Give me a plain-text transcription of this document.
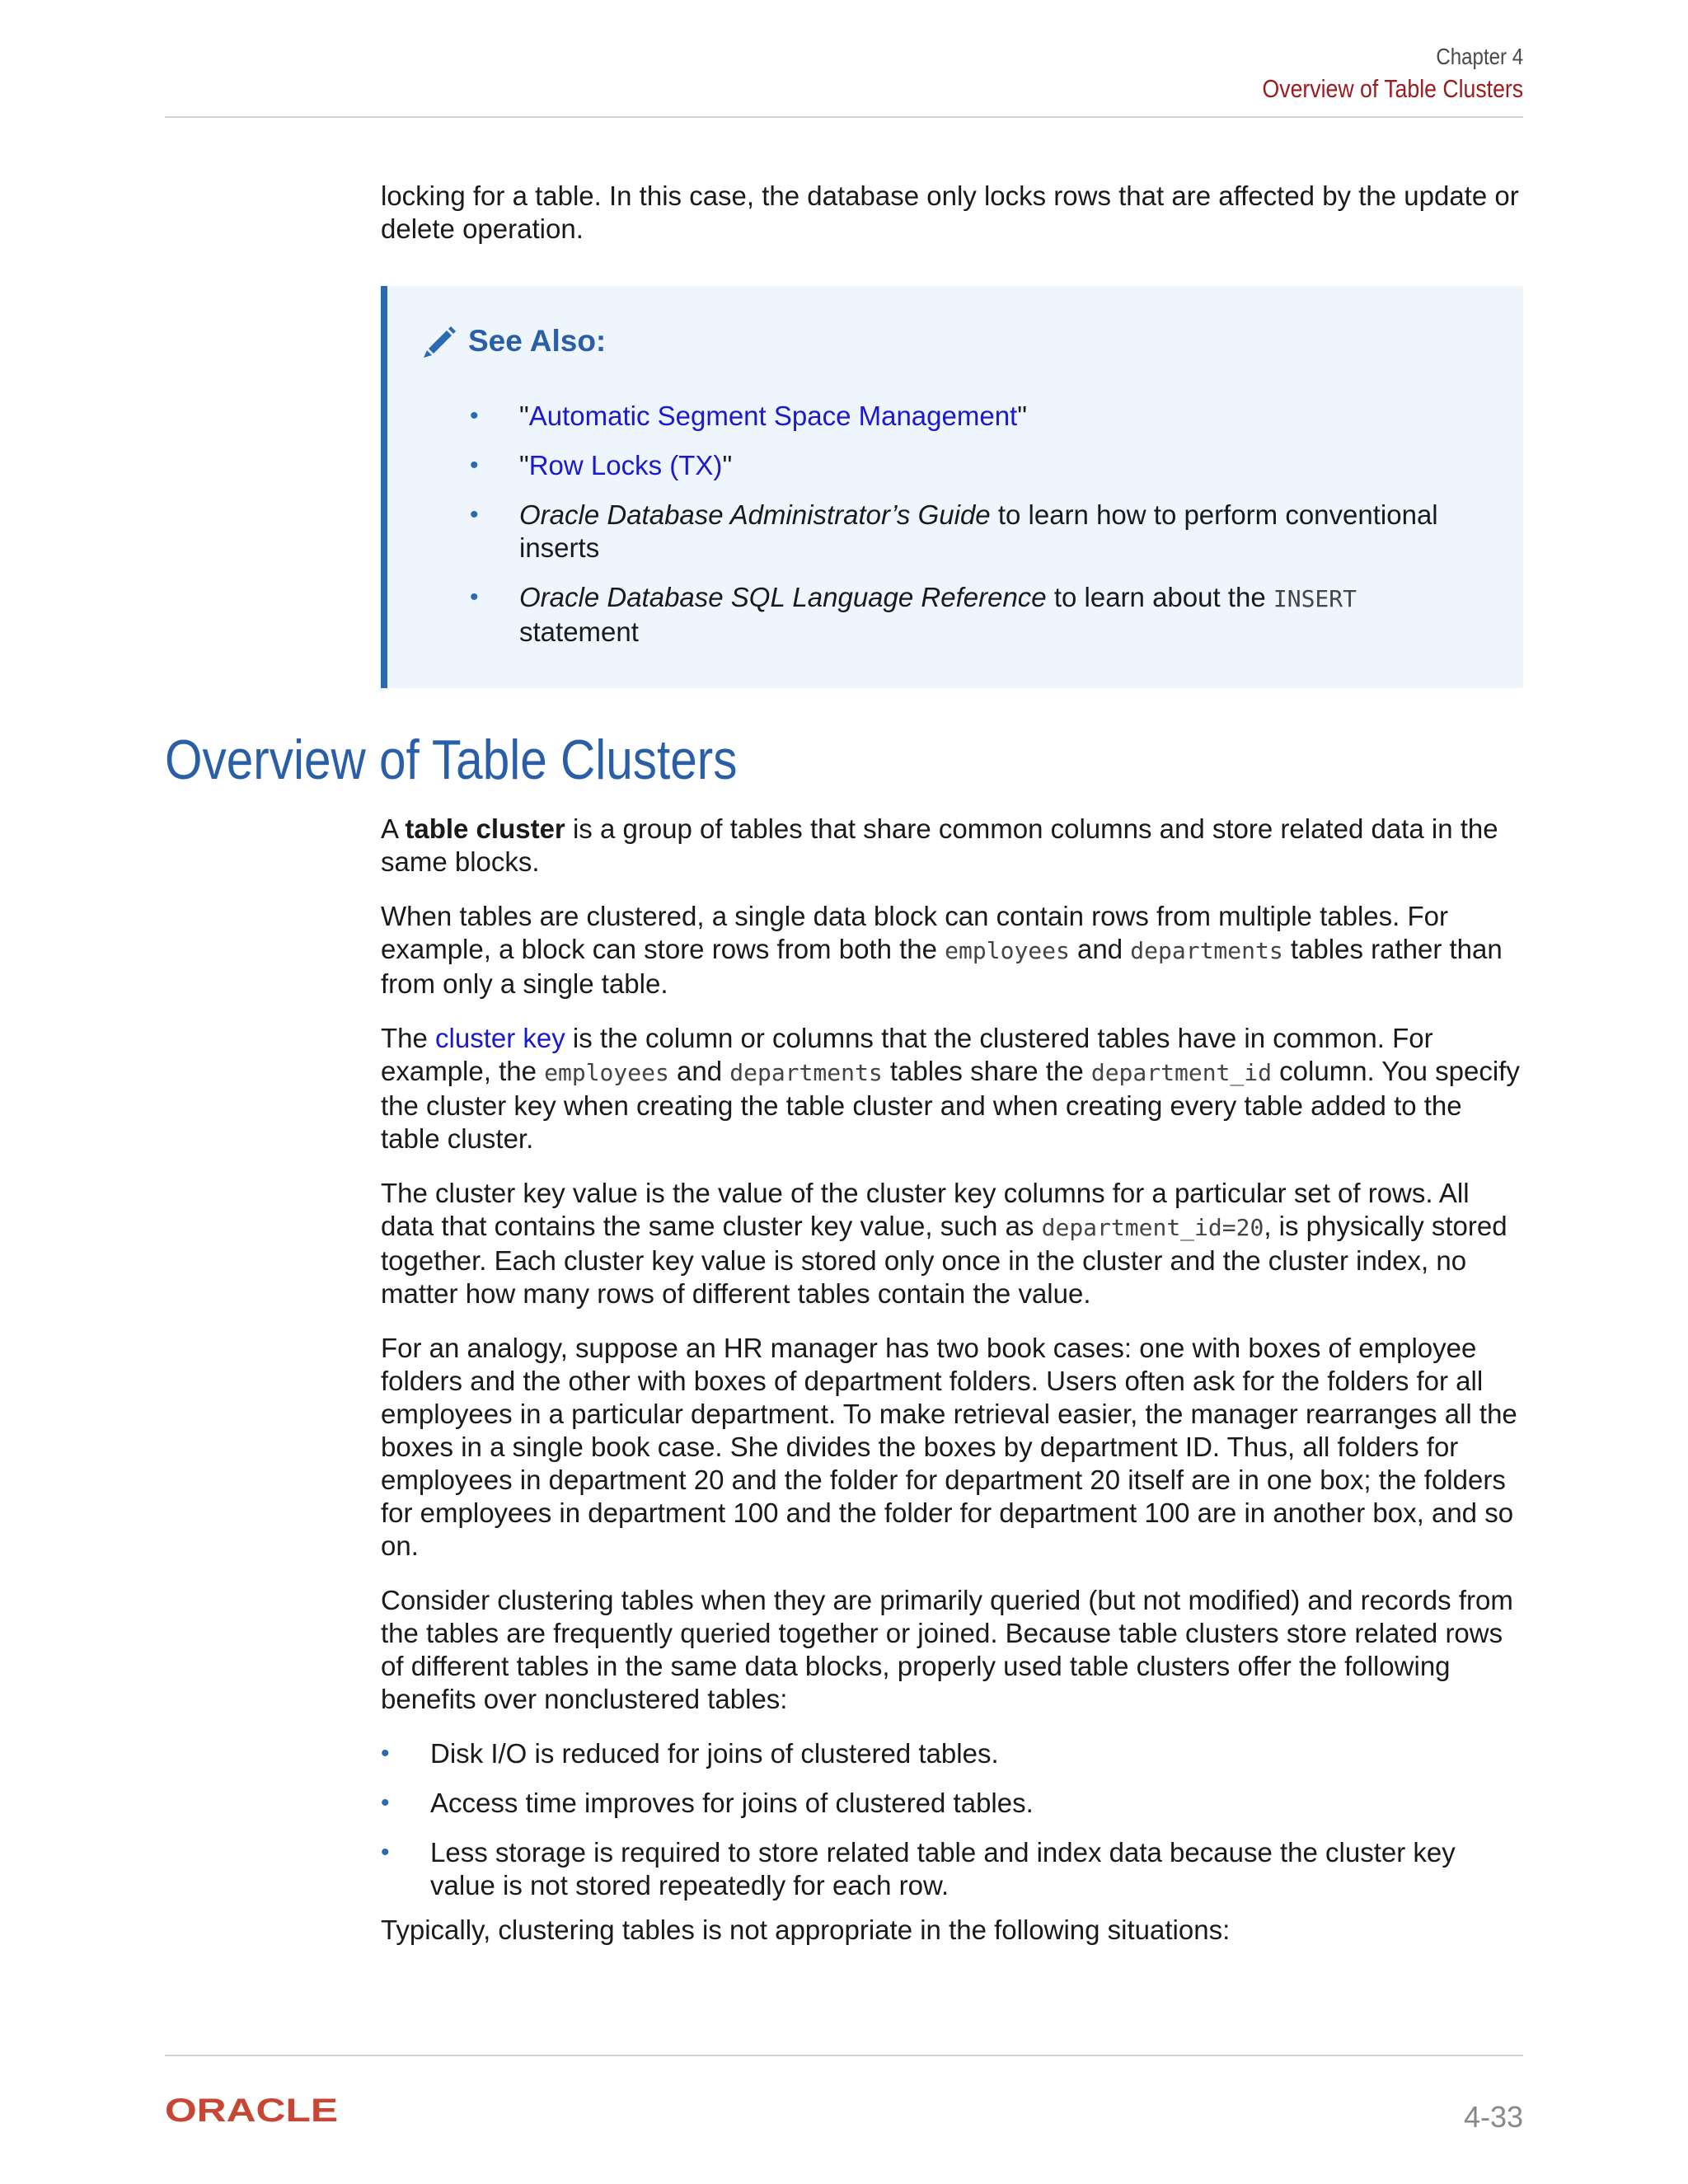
Chapter 4
Overview of Table Clusters

locking for a table. In this case, the database only locks rows that are affected by the update or delete operation.

See Also:
• "Automatic Segment Space Management"
• "Row Locks (TX)"
• Oracle Database Administrator’s Guide to learn how to perform conventional inserts
• Oracle Database SQL Language Reference to learn about the INSERT statement
Overview of Table Clusters

A table cluster is a group of tables that share common columns and store related data in the same blocks.

When tables are clustered, a single data block can contain rows from multiple tables. For example, a block can store rows from both the employees and departments tables rather than from only a single table.

The cluster key is the column or columns that the clustered tables have in common. For example, the employees and departments tables share the department_id column. You specify the cluster key when creating the table cluster and when creating every table added to the table cluster.

The cluster key value is the value of the cluster key columns for a particular set of rows. All data that contains the same cluster key value, such as department_id=20, is physically stored together. Each cluster key value is stored only once in the cluster and the cluster index, no matter how many rows of different tables contain the value.

For an analogy, suppose an HR manager has two book cases: one with boxes of employee folders and the other with boxes of department folders. Users often ask for the folders for all employees in a particular department. To make retrieval easier, the manager rearranges all the boxes in a single book case. She divides the boxes by department ID. Thus, all folders for employees in department 20 and the folder for department 20 itself are in one box; the folders for employees in department 100 and the folder for department 100 are in another box, and so on.

Consider clustering tables when they are primarily queried (but not modified) and records from the tables are frequently queried together or joined. Because table clusters store related rows of different tables in the same data blocks, properly used table clusters offer the following benefits over nonclustered tables:

• Disk I/O is reduced for joins of clustered tables.
• Access time improves for joins of clustered tables.
• Less storage is required to store related table and index data because the cluster key value is not stored repeatedly for each row.

Typically, clustering tables is not appropriate in the following situations:

ORACLE	4-33
